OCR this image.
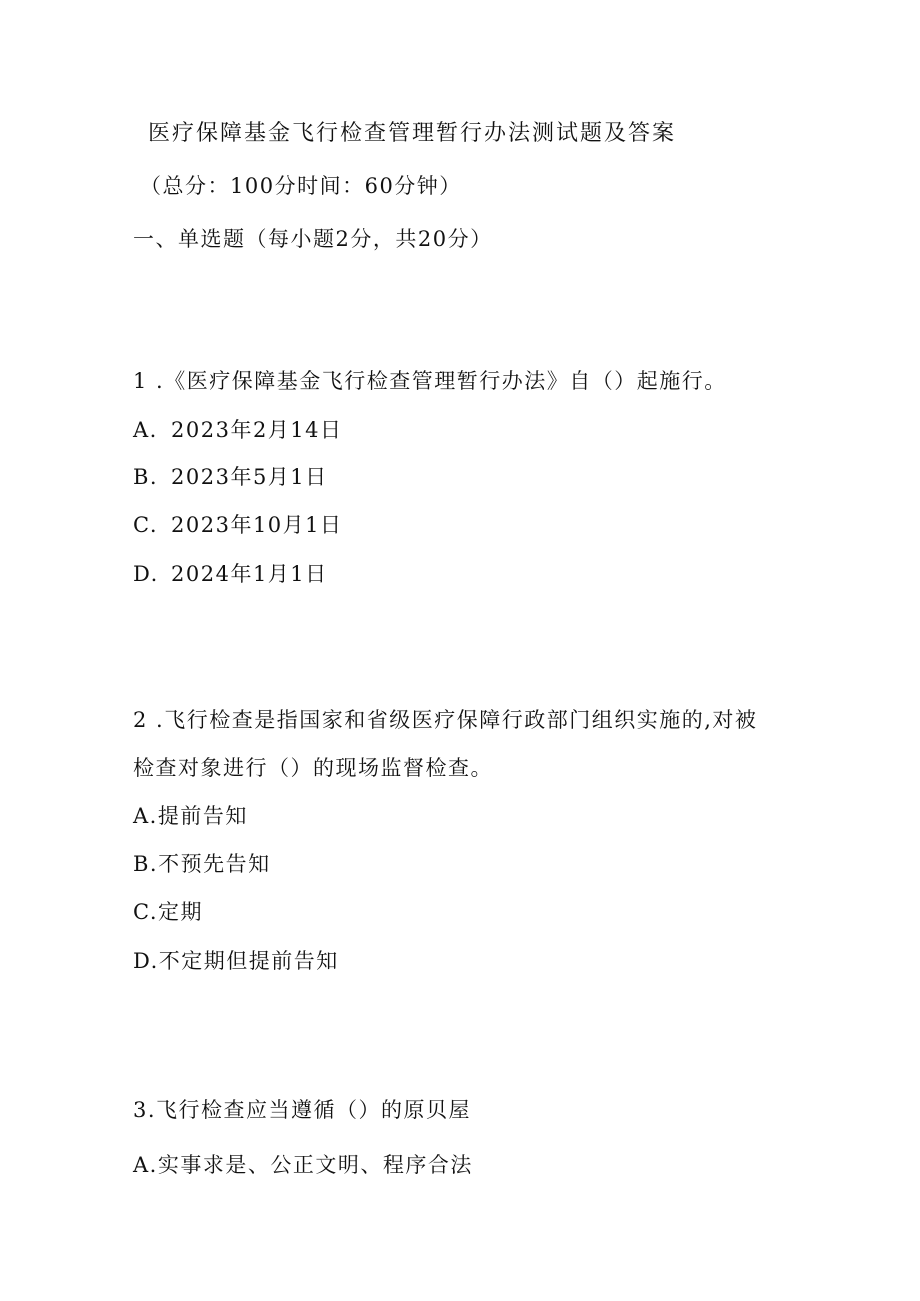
医疗保障基金飞行检查管理暂行办法测试题及答案
（总分：100分时间：60分钟）
一、单选题（每小题2分，共20分）
1 .《医疗保障基金飞行检查管理暂行办法》自（）起施行。
A. 2023年2月14日
B. 2023年5月1日
C. 2023年10月1日
D. 2024年1月1日
2 .飞行检查是指国家和省级医疗保障行政部门组织实施的,对被
检查对象进行（）的现场监督检查。
A.提前告知
B.不预先告知
C.定期
D.不定期但提前告知
3.飞行检查应当遵循（）的原贝屋
A.实事求是、公正文明、程序合法
